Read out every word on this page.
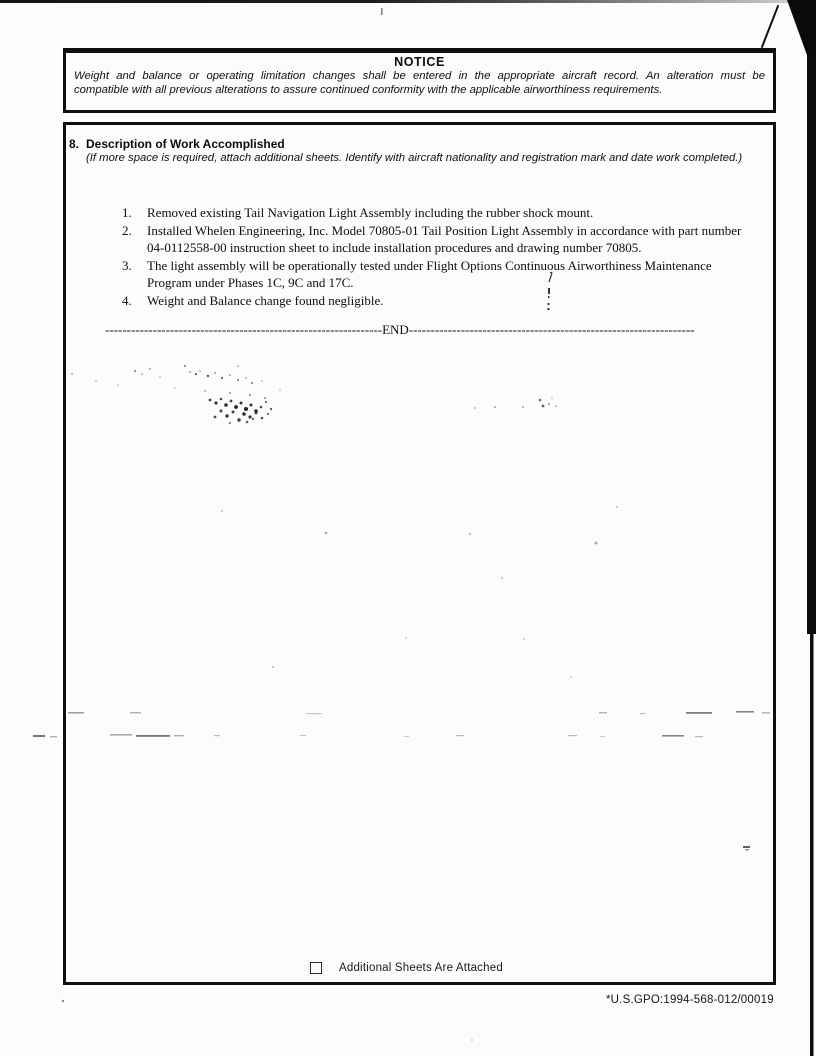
NOTICE
Weight and balance or operating limitation changes shall be entered in the appropriate aircraft record. An alteration must be
compatible with all previous alterations to assure continued conformity with the applicable airworthiness requirements.
8. Description of Work Accomplished
(If more space is required, attach additional sheets. Identify with aircraft nationality and registration mark and date work completed.)
1.	Removed existing Tail Navigation Light Assembly including the rubber shock mount.
2.	Installed Whelen Engineering, Inc. Model 70805-01 Tail Position Light Assembly in accordance with part number 04-0112558-00 instruction sheet to include installation procedures and drawing number 70805.
3.	The light assembly will be operationally tested under Flight Options Continuous Airworthiness Maintenance Program under Phases 1C, 9C and 17C.
4.	Weight and Balance change found negligible.
----------------------------------------------------------------END------------------------------------------------------------------
Additional Sheets Are Attached
*U.S.GPO:1994-568-012/00019
